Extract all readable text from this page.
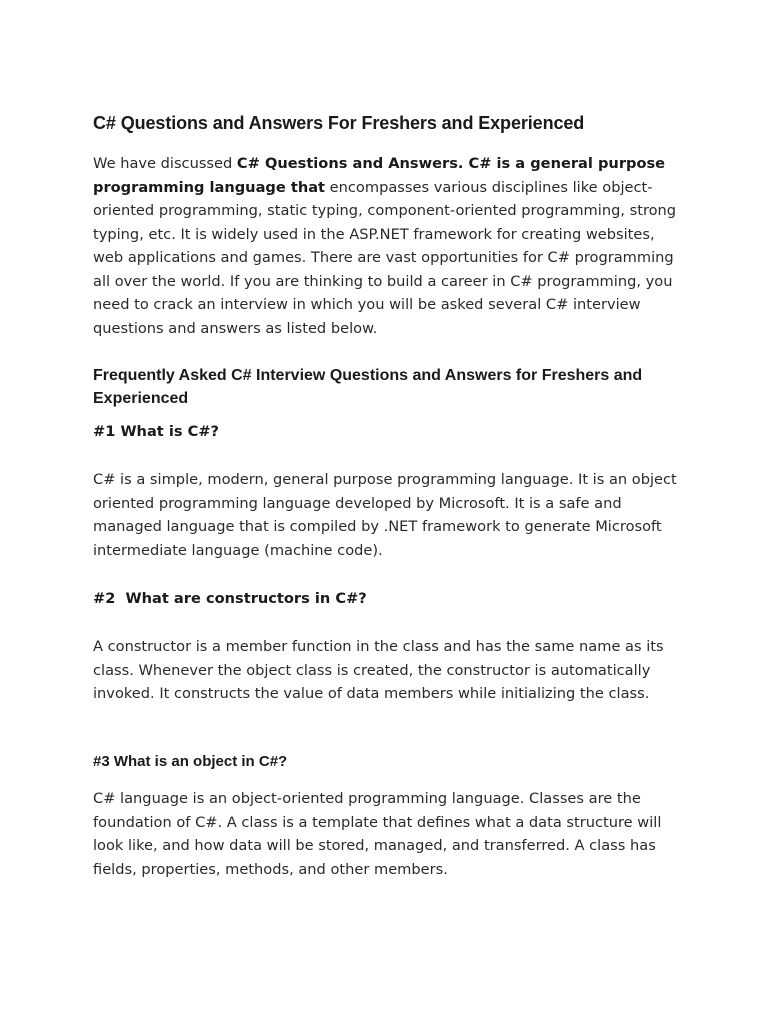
C# Questions and Answers For Freshers and Experienced

We have discussed C# Questions and Answers. C# is a general purpose programming language that encompasses various disciplines like object-oriented programming, static typing, component-oriented programming, strong typing, etc. It is widely used in the ASP.NET framework for creating websites, web applications and games. There are vast opportunities for C# programming all over the world. If you are thinking to build a career in C# programming, you need to crack an interview in which you will be asked several C# interview questions and answers as listed below.

Frequently Asked C# Interview Questions and Answers for Freshers and Experienced
#1 What is C#?

C# is a simple, modern, general purpose programming language. It is an object oriented programming language developed by Microsoft. It is a safe and managed language that is compiled by .NET framework to generate Microsoft intermediate language (machine code).

#2  What are constructors in C#?

A constructor is a member function in the class and has the same name as its class. Whenever the object class is created, the constructor is automatically invoked. It constructs the value of data members while initializing the class.

#3 What is an object in C#?

C# language is an object-oriented programming language. Classes are the foundation of C#. A class is a template that defines what a data structure will look like, and how data will be stored, managed, and transferred. A class has fields, properties, methods, and other members.
